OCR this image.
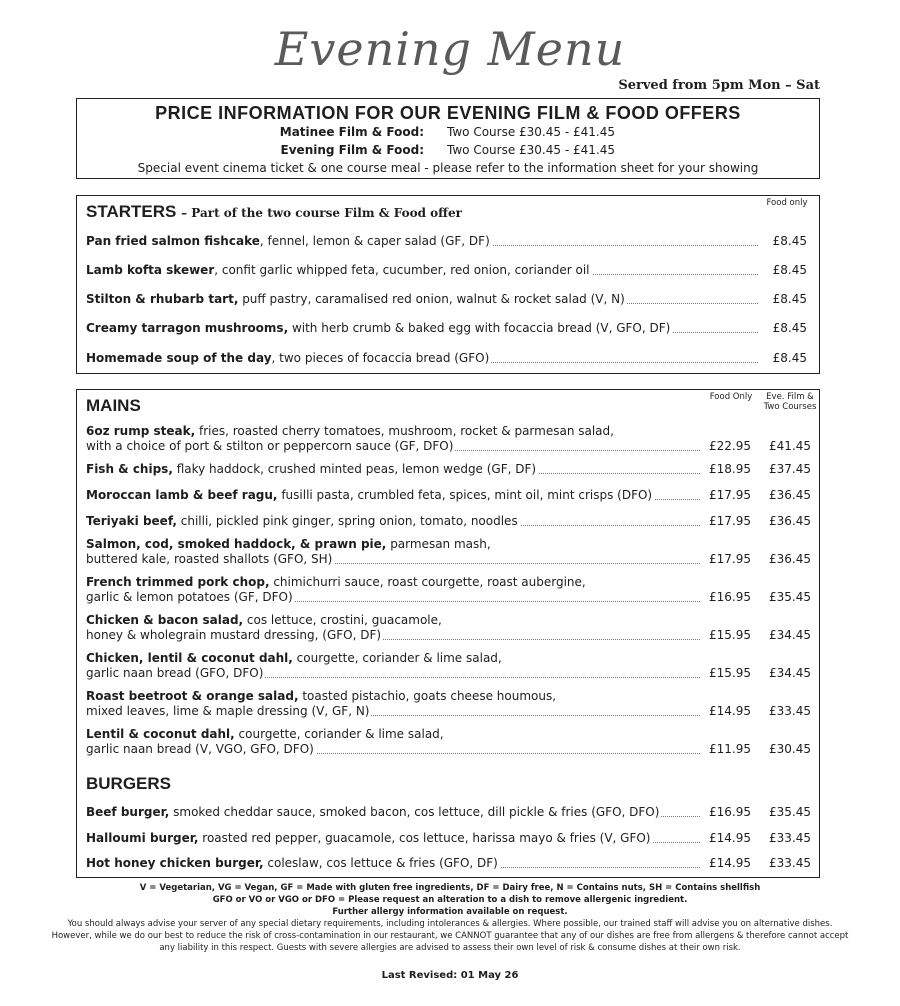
Evening Menu
Served from 5pm Mon – Sat
PRICE INFORMATION FOR OUR EVENING FILM & FOOD OFFERS
Matinee Film & Food: Two Course £30.45 - £41.45
Evening Film & Food: Two Course £30.45 - £41.45
Special event cinema ticket & one course meal - please refer to the information sheet for your showing
STARTERS – Part of the two course Film & Food offer
Food only
Pan fried salmon fishcake, fennel, lemon & caper salad (GF, DF)	£8.45
Lamb kofta skewer, confit garlic whipped feta, cucumber, red onion, coriander oil	£8.45
Stilton & rhubarb tart, puff pastry, caramalised red onion, walnut & rocket salad (V, N)	£8.45
Creamy tarragon mushrooms, with herb crumb & baked egg with focaccia bread (V, GFO, DF)	£8.45
Homemade soup of the day, two pieces of focaccia bread (GFO)	£8.45
MAINS	Food Only	Eve. Film & Two Courses
6oz rump steak, fries, roasted cherry tomatoes, mushroom, rocket & parmesan salad,
with a choice of port & stilton or peppercorn sauce (GF, DFO)	£22.95	£41.45
Fish & chips, flaky haddock, crushed minted peas, lemon wedge (GF, DF)	£18.95	£37.45
Moroccan lamb & beef ragu, fusilli pasta, crumbled feta, spices, mint oil, mint crisps (DFO)	£17.95	£36.45
Teriyaki beef, chilli, pickled pink ginger, spring onion, tomato, noodles	£17.95	£36.45
Salmon, cod, smoked haddock, & prawn pie, parmesan mash,
buttered kale, roasted shallots (GFO, SH)	£17.95	£36.45
French trimmed pork chop, chimichurri sauce, roast courgette, roast aubergine,
garlic & lemon potatoes (GF, DFO)	£16.95	£35.45
Chicken & bacon salad, cos lettuce, crostini, guacamole,
honey & wholegrain mustard dressing, (GFO, DF)	£15.95	£34.45
Chicken, lentil & coconut dahl, courgette, coriander & lime salad,
garlic naan bread (GFO, DFO)	£15.95	£34.45
Roast beetroot & orange salad, toasted pistachio, goats cheese houmous,
mixed leaves, lime & maple dressing (V, GF, N)	£14.95	£33.45
Lentil & coconut dahl, courgette, coriander & lime salad,
garlic naan bread (V, VGO, GFO, DFO)	£11.95	£30.45
BURGERS
Beef burger, smoked cheddar sauce, smoked bacon, cos lettuce, dill pickle & fries (GFO, DFO)	£16.95	£35.45
Halloumi burger, roasted red pepper, guacamole, cos lettuce, harissa mayo & fries (V, GFO)	£14.95	£33.45
Hot honey chicken burger, coleslaw, cos lettuce & fries (GFO, DF)	£14.95	£33.45
V = Vegetarian, VG = Vegan, GF = Made with gluten free ingredients, DF = Dairy free, N = Contains nuts, SH = Contains shellfish
GFO or VO or VGO or DFO = Please request an alteration to a dish to remove allergenic ingredient.
Further allergy information available on request.
You should always advise your server of any special dietary requirements, including intolerances & allergies. Where possible, our trained staff will advise you on alternative dishes.
However, while we do our best to reduce the risk of cross-contamination in our restaurant, we CANNOT guarantee that any of our dishes are free from allergens & therefore cannot accept
any liability in this respect. Guests with severe allergies are advised to assess their own level of risk & consume dishes at their own risk.
Last Revised: 01 May 26
